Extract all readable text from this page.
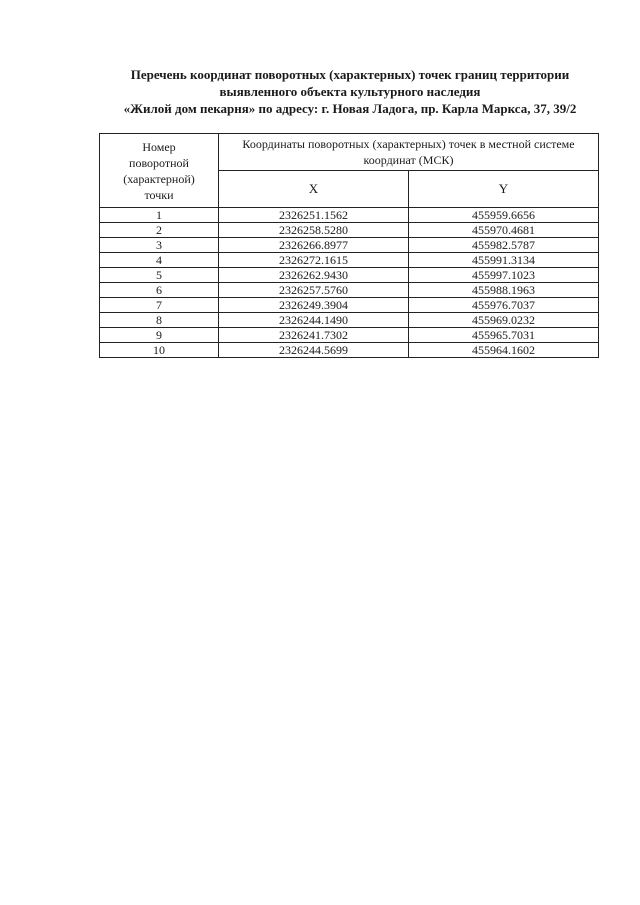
Перечень координат поворотных (характерных) точек границ территории
выявленного объекта культурного наследия
«Жилой дом пекарня» по адресу: г. Новая Ладога, пр. Карла Маркса, 37, 39/2
Номер
поворотной
(характерной)
точки	Координаты поворотных (характерных) точек в местной системе координат (МСК)	
	X	Y
1	2326251.1562	455959.6656
2	2326258.5280	455970.4681
3	2326266.8977	455982.5787
4	2326272.1615	455991.3134
5	2326262.9430	455997.1023
6	2326257.5760	455988.1963
7	2326249.3904	455976.7037
8	2326244.1490	455969.0232
9	2326241.7302	455965.7031
10	2326244.5699	455964.1602
